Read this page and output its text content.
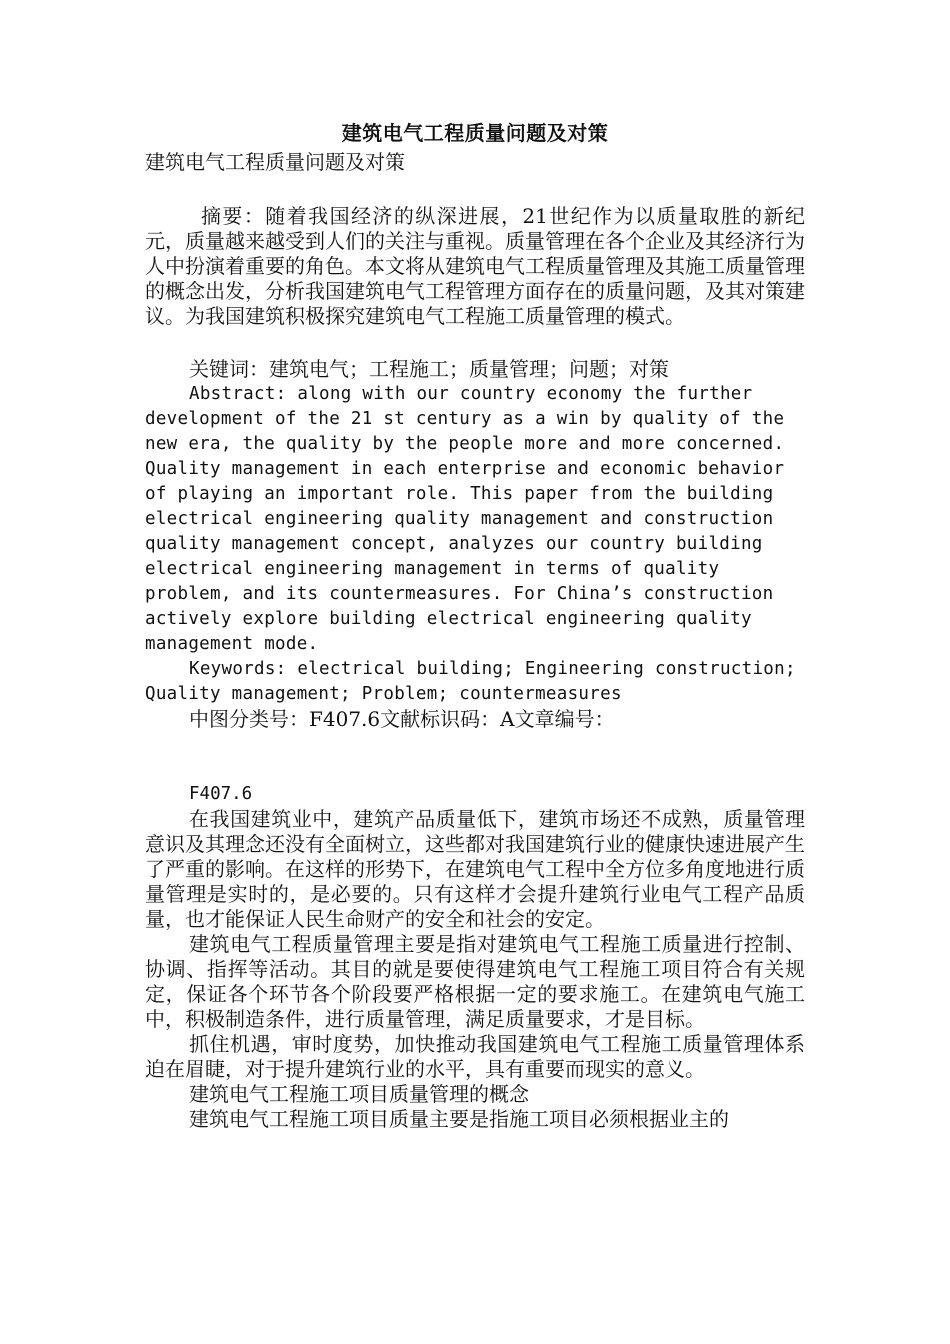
建筑电气工程质量问题及对策

建筑电气工程质量问题及对策

摘要：随着我国经济的纵深进展，21世纪作为以质量取胜的新纪元，质量越来越受到人们的关注与重视。质量管理在各个企业及其经济行为人中扮演着重要的角色。本文将从建筑电气工程质量管理及其施工质量管理的概念出发，分析我国建筑电气工程管理方面存在的质量问题，及其对策建议。为我国建筑积极探究建筑电气工程施工质量管理的模式。

关键词：建筑电气；工程施工；质量管理；问题；对策

Abstract: along with our country economy the further development of the 21 st century as a win by quality of the new era, the quality by the people more and more concerned. Quality management in each enterprise and economic behavior of playing an important role. This paper from the building electrical engineering quality management and construction quality management concept, analyzes our country building electrical engineering management in terms of quality problem, and its countermeasures. For China’s construction actively explore building electrical engineering quality management mode.

Keywords: electrical building; Engineering construction; Quality management; Problem; countermeasures

中图分类号：F407.6文献标识码：A文章编号：

F407.6

在我国建筑业中，建筑产品质量低下，建筑市场还不成熟，质量管理意识及其理念还没有全面树立，这些都对我国建筑行业的健康快速进展产生了严重的影响。在这样的形势下，在建筑电气工程中全方位多角度地进行质量管理是实时的，是必要的。只有这样才会提升建筑行业电气工程产品质量，也才能保证人民生命财产的安全和社会的安定。

建筑电气工程质量管理主要是指对建筑电气工程施工质量进行控制、协调、指挥等活动。其目的就是要使得建筑电气工程施工项目符合有关规定，保证各个环节各个阶段要严格根据一定的要求施工。在建筑电气施工中，积极制造条件，进行质量管理，满足质量要求，才是目标。

抓住机遇，审时度势，加快推动我国建筑电气工程施工质量管理体系迫在眉睫，对于提升建筑行业的水平，具有重要而现实的意义。

建筑电气工程施工项目质量管理的概念

建筑电气工程施工项目质量主要是指施工项目必须根据业主的
